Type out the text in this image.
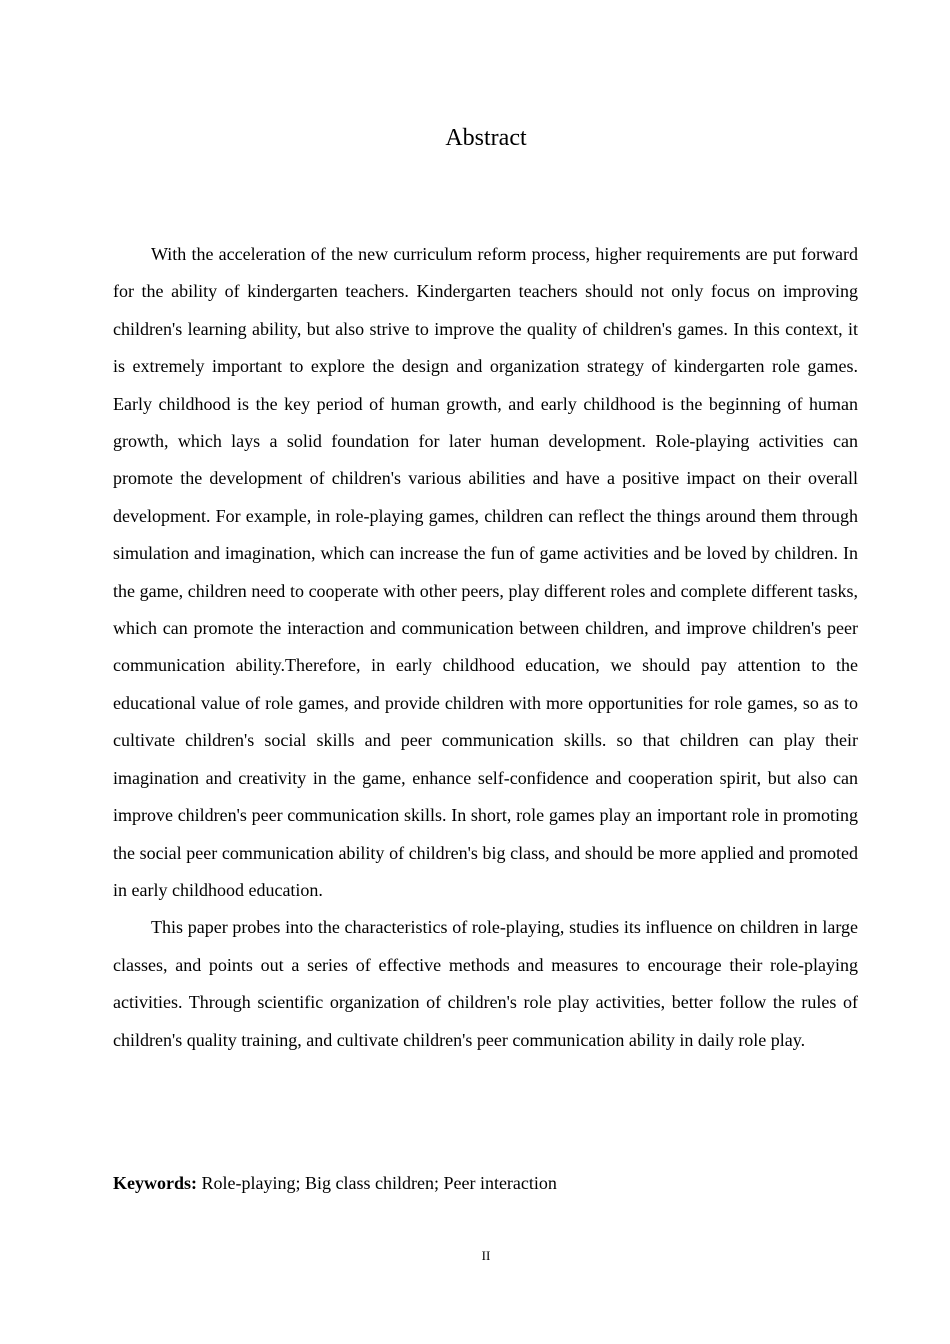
Abstract

With the acceleration of the new curriculum reform process, higher requirements are put forward for the ability of kindergarten teachers. Kindergarten teachers should not only focus on improving children's learning ability, but also strive to improve the quality of children's games. In this context, it is extremely important to explore the design and organization strategy of kindergarten role games. Early childhood is the key period of human growth, and early childhood is the beginning of human growth, which lays a solid foundation for later human development. Role-playing activities can promote the development of children's various abilities and have a positive impact on their overall development. For example, in role-playing games, children can reflect the things around them through simulation and imagination, which can increase the fun of game activities and be loved by children. In the game, children need to cooperate with other peers, play different roles and complete different tasks, which can promote the interaction and communication between children, and improve children's peer communication ability.Therefore, in early childhood education, we should pay attention to the educational value of role games, and provide children with more opportunities for role games, so as to cultivate children's social skills and peer communication skills. so that children can play their imagination and creativity in the game, enhance self-confidence and cooperation spirit, but also can improve children's peer communication skills. In short, role games play an important role in promoting the social peer communication ability of children's big class, and should be more applied and promoted in early childhood education.

This paper probes into the characteristics of role-playing, studies its influence on children in large classes, and points out a series of effective methods and measures to encourage their role-playing activities. Through scientific organization of children's role play activities, better follow the rules of children's quality training, and cultivate children's peer communication ability in daily role play.

Keywords: Role-playing; Big class children; Peer interaction
II
